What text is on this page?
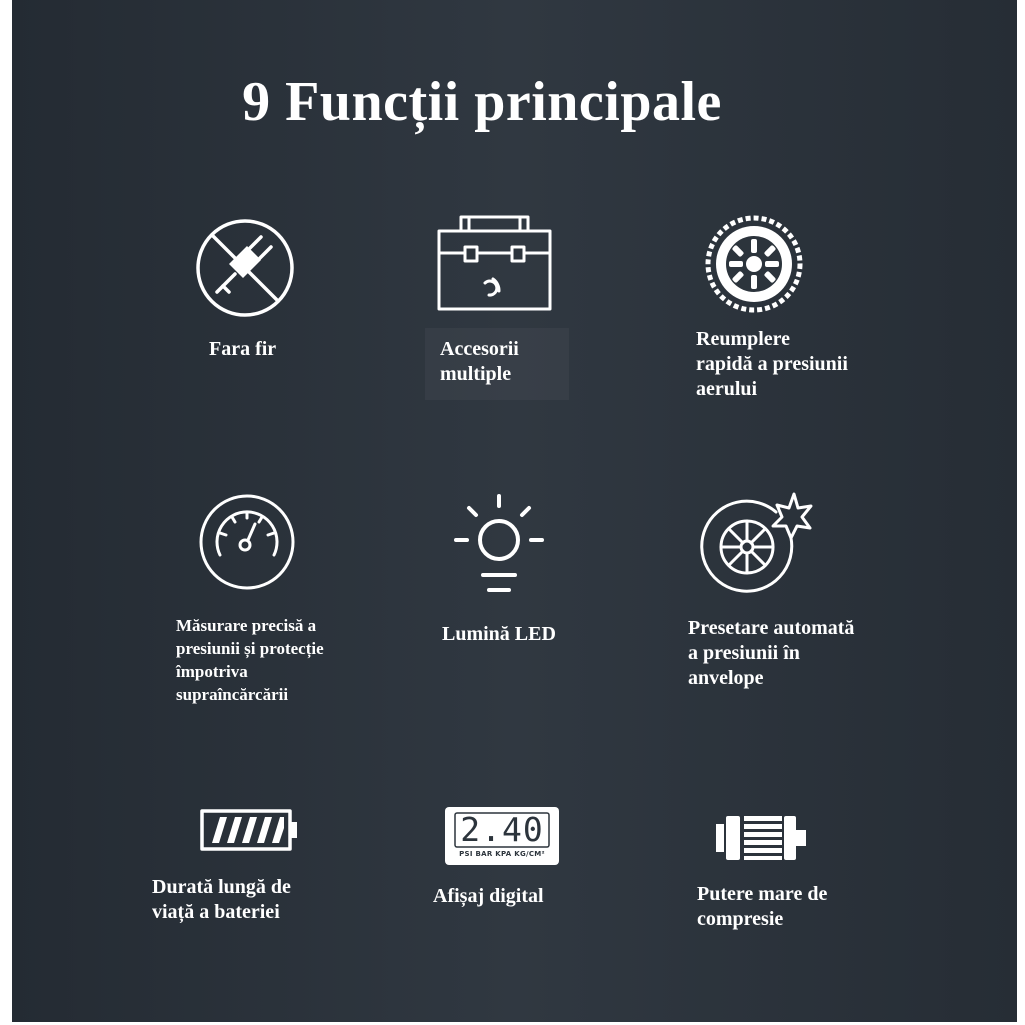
9 Funcții principale

Fara fir	Accesorii
multiple

Reumplere
rapidă a presiunii
aerului

Măsurare precisă a
presiunii și protecție
împotriva
supraîncărcării

Lumină LED	Presetare automată
a presiunii în
anvelope

Durată lungă de
viață a bateriei

2.40
PSI BAR KPA KG/CM²

Afișaj digital	Putere mare de
compresie
